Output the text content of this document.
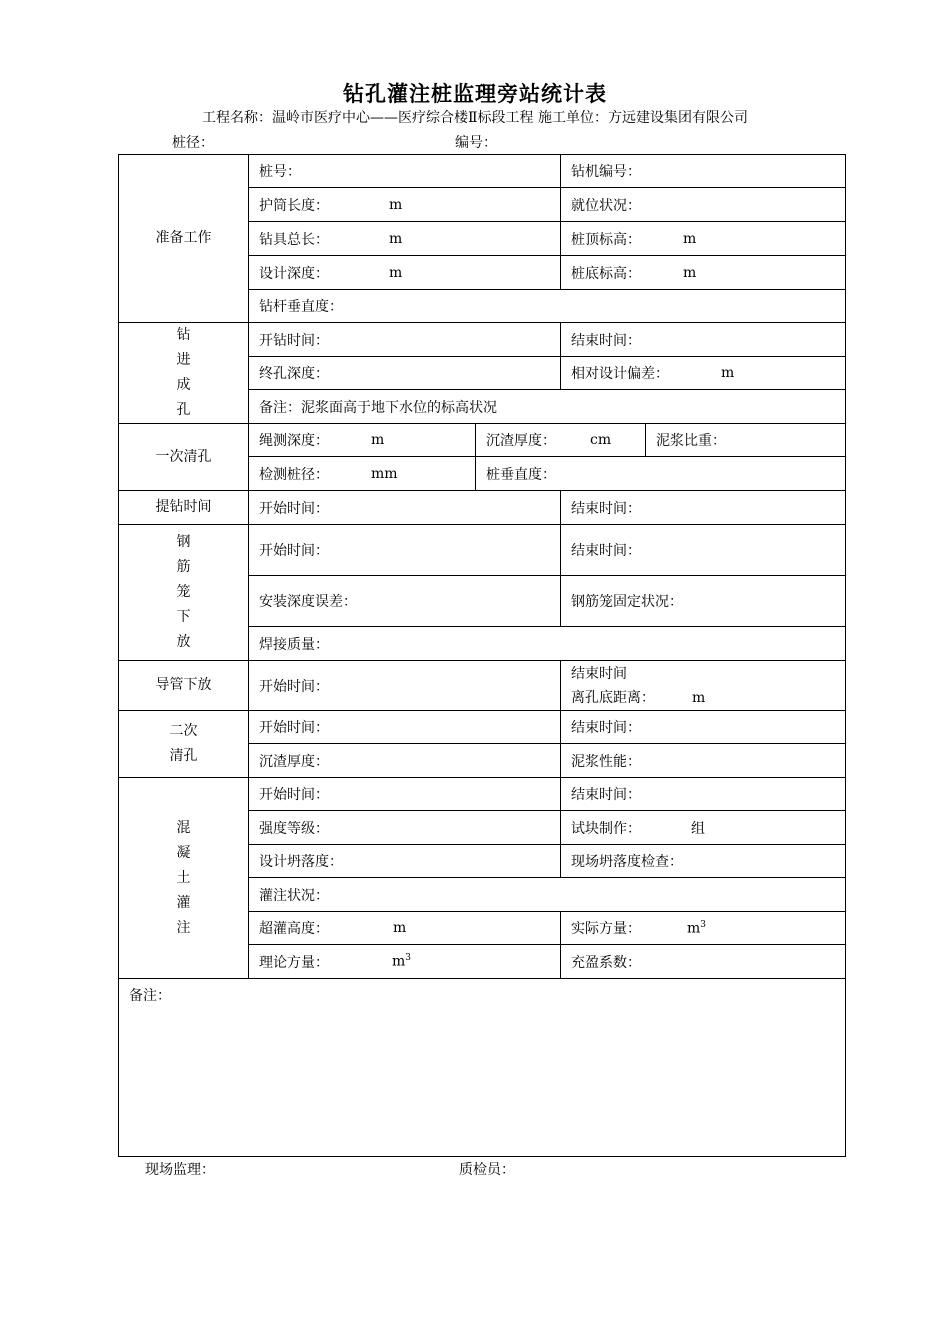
钻孔灌注桩监理旁站统计表
工程名称：温岭市医疗中心——医疗综合楼Ⅱ标段工程 施工单位：方远建设集团有限公司
桩径：	编号：
准备工作	桩号：		钻机编号：	

	护筒长度： m		就位状况：	

	钻具总长： m		桩顶标高： m	

	设计深度： m		桩底标高： m	

	钻杆垂直度：			

钻
进
成
孔	开钻时间：		结束时间：	
	终孔深度：		相对设计偏差： m	

	备注：泥浆面高于地下水位的标高状况			
一次清孔	绳测深度： m	沉渣厚度： cm		泥浆比重：

	检测桩径： mm	桩垂直度：		
提钻时间	开始时间：		结束时间：	

钢
筋
笼
下
放	开始时间：		结束时间：	
	安装深度误差：		钢筋笼固定状况：	
	焊接质量：			
导管下放	开始时间：		结束时间
离孔底距离： m	

二次
清孔	开始时间：		结束时间：	
	沉渣厚度：		泥浆性能：	

混
凝
土
灌
注	开始时间：		结束时间：	
	强度等级：		试块制作： 组	

	设计坍落度：		现场坍落度检查：	
	灌注状况：			

	超灌高度： m		实际方量： $m^3$

	理论方量： $m^3$		充盈系数：	
备注：				
现场监理：	质检员：
